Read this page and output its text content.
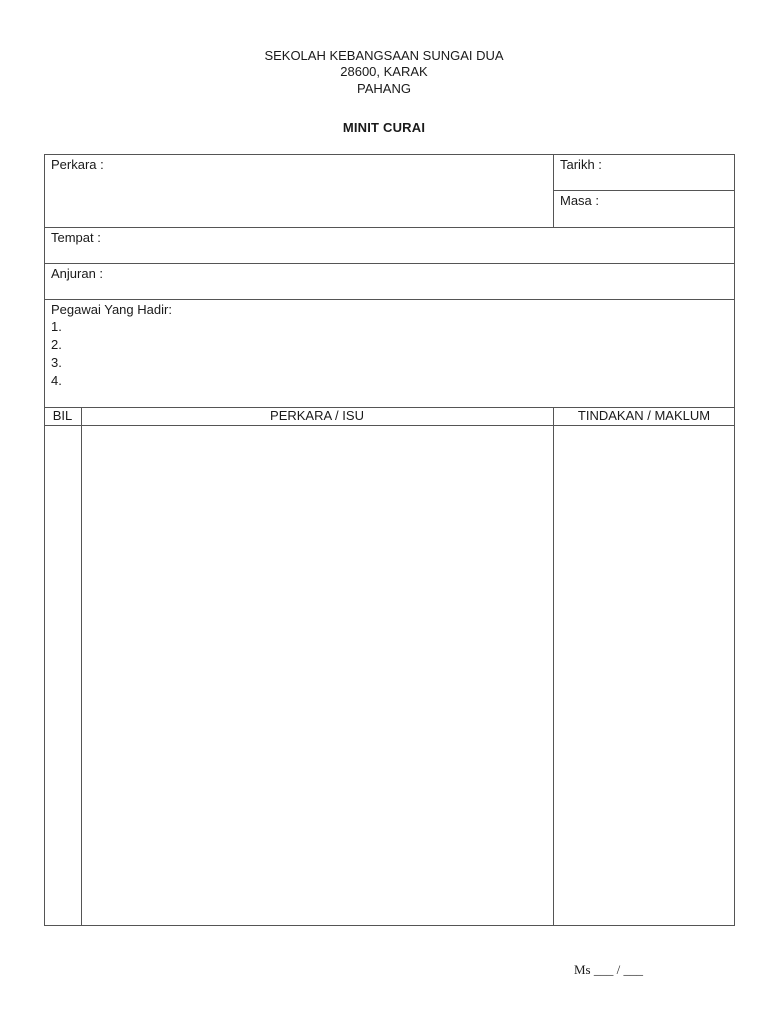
SEKOLAH KEBANGSAAN SUNGAI DUA
28600, KARAK
PAHANG
MINIT CURAI
Perkara :	Tarikh :
Masa :
Tempat :
Anjuran :
Pegawai Yang Hadir:
1.
2.
3.
4.
BIL	PERKARA / ISU	TINDAKAN / MAKLUM
Ms ___ / ___
